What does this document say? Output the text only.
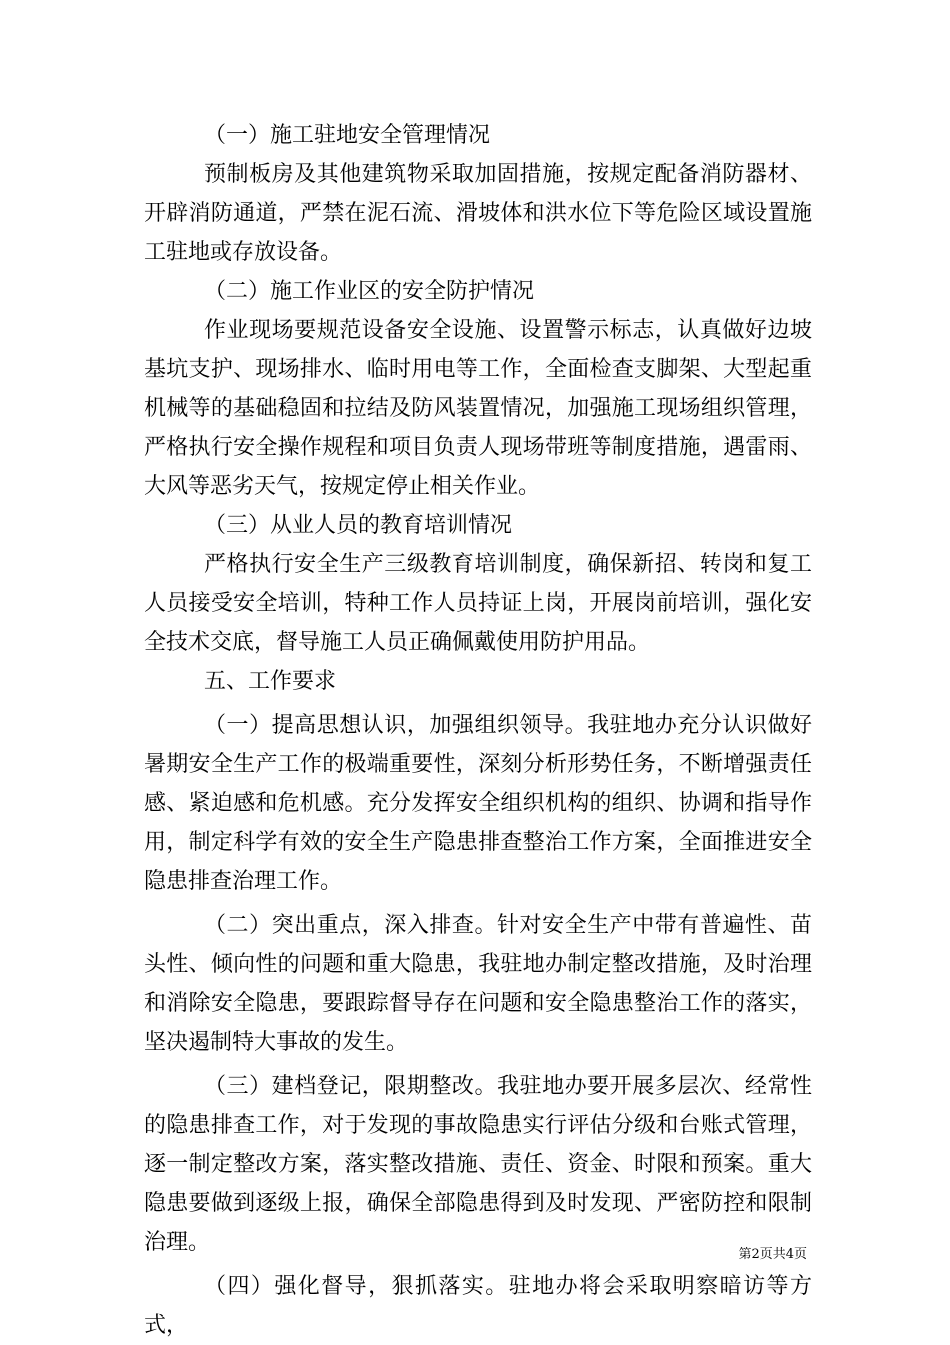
（一）施工驻地安全管理情况

预制板房及其他建筑物采取加固措施，按规定配备消防器材、开辟消防通道，严禁在泥石流、滑坡体和洪水位下等危险区域设置施工驻地或存放设备。

（二）施工作业区的安全防护情况

作业现场要规范设备安全设施、设置警示标志，认真做好边坡基坑支护、现场排水、临时用电等工作，全面检查支脚架、大型起重机械等的基础稳固和拉结及防风装置情况，加强施工现场组织管理，严格执行安全操作规程和项目负责人现场带班等制度措施，遇雷雨、大风等恶劣天气，按规定停止相关作业。

（三）从业人员的教育培训情况

严格执行安全生产三级教育培训制度，确保新招、转岗和复工人员接受安全培训，特种工作人员持证上岗，开展岗前培训，强化安全技术交底，督导施工人员正确佩戴使用防护用品。

五、工作要求

（一）提高思想认识，加强组织领导。我驻地办充分认识做好暑期安全生产工作的极端重要性，深刻分析形势任务，不断增强责任感、紧迫感和危机感。充分发挥安全组织机构的组织、协调和指导作用，制定科学有效的安全生产隐患排查整治工作方案，全面推进安全隐患排查治理工作。

（二）突出重点，深入排查。针对安全生产中带有普遍性、苗头性、倾向性的问题和重大隐患，我驻地办制定整改措施，及时治理和消除安全隐患，要跟踪督导存在问题和安全隐患整治工作的落实，坚决遏制特大事故的发生。

（三）建档登记，限期整改。我驻地办要开展多层次、经常性的隐患排查工作，对于发现的事故隐患实行评估分级和台账式管理，逐一制定整改方案，落实整改措施、责任、资金、时限和预案。重大隐患要做到逐级上报，确保全部隐患得到及时发现、严密防控和限制治理。

（四）强化督导，狠抓落实。驻地办将会采取明察暗访等方式，

第2页共4页
